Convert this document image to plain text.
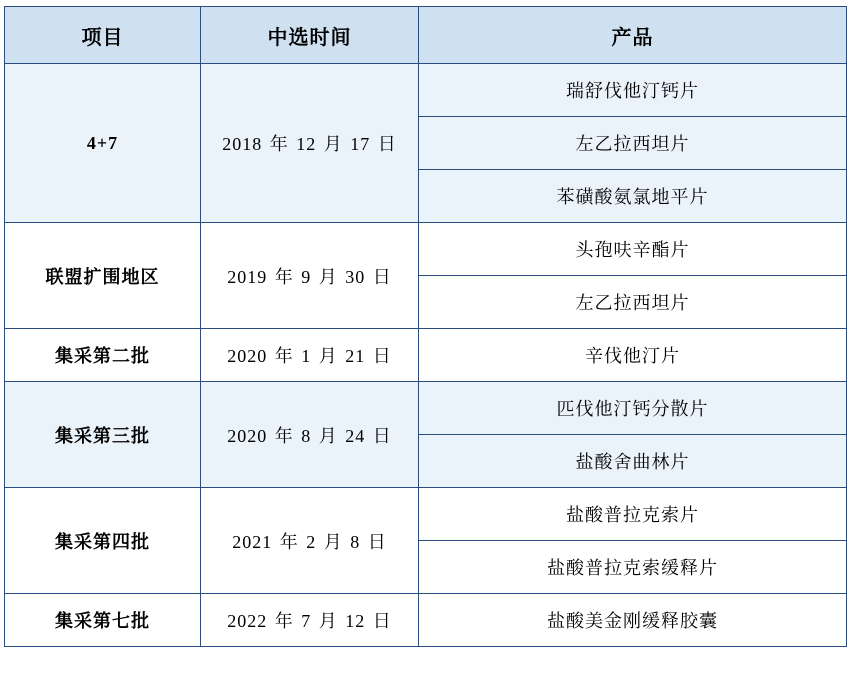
项目	中选时间	产品
4+7	2018 年 12 月 17 日	瑞舒伐他汀钙片
		左乙拉西坦片
		苯磺酸氨氯地平片
联盟扩围地区	2019 年 9 月 30 日	头孢呋辛酯片
		左乙拉西坦片
集采第二批	2020 年 1 月 21 日	辛伐他汀片
集采第三批	2020 年 8 月 24 日	匹伐他汀钙分散片
		盐酸舍曲林片
集采第四批	2021 年 2 月 8 日	盐酸普拉克索片
		盐酸普拉克索缓释片
集采第七批	2022 年 7 月 12 日	盐酸美金刚缓释胶囊
